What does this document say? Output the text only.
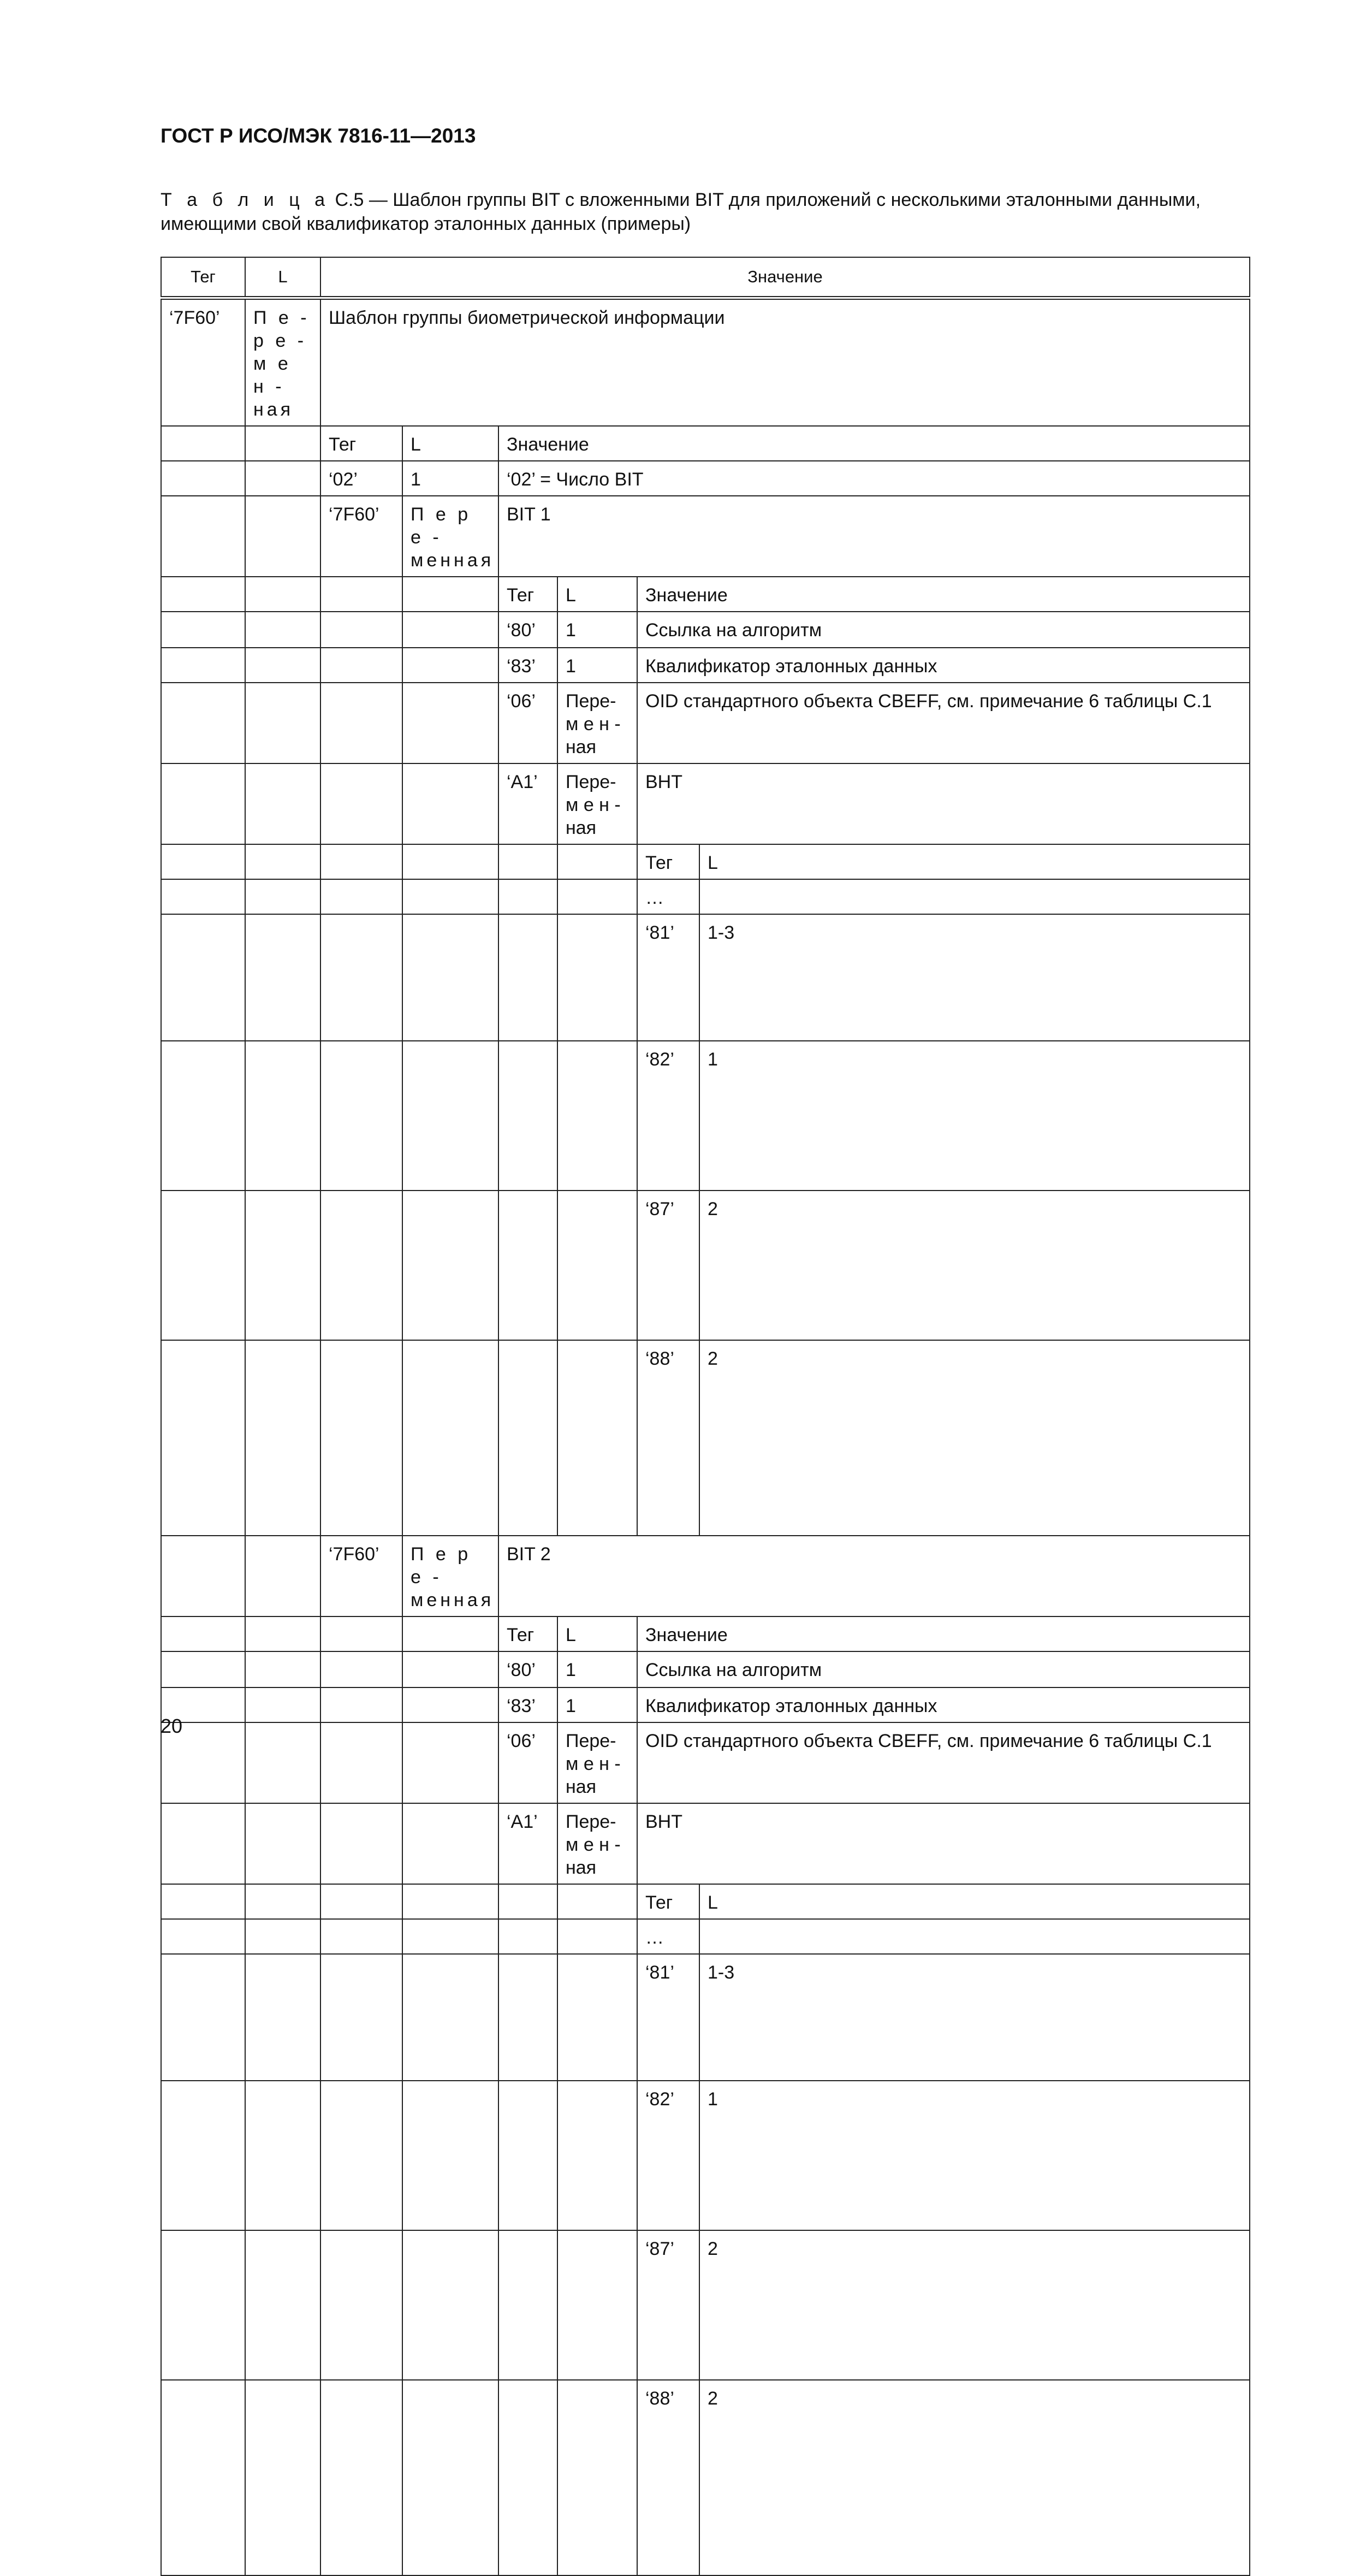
ГОСТ Р ИСО/МЭК 7816-11—2013
Т а б л и ц а С.5 — Шаблон группы BIT с вложенными BIT для приложений с несколькими эталонными данными, имеющими свой квалификатор эталонных данных (примеры)
Тег	L	Значение						
‘7F60’	П е - р е - м е н - ная	Шаблон группы биометрической информации						
		Тег	L	Значение				
		‘02’	1	‘02’ = Число BIT				
		‘7F60’	П е р е - менная	BIT 1				
				Тег	L	Значение		
				‘80’	1	Ссылка на алгоритм		
				‘83’	1	Квалификатор эталонных данных		
				‘06’	Пере- м е н - ная	OID стандартного объекта CBEFF, см. примечание 6 таблицы С.1		
				‘А1’	Пере- м е н - ная	BHT		
						Тег	L	
						…		
						‘81’	1-3	
						‘82’	1	
						‘87’	2	
						‘88’	2	
		‘7F60’	П е р е - менная	BIT 2				
				Тег	L	Значение		
				‘80’	1	Ссылка на алгоритм		
				‘83’	1	Квалификатор эталонных данных		
				‘06’	Пере- м е н - ная	OID стандартного объекта CBEFF, см. примечание 6 таблицы С.1		
				‘А1’	Пере- м е н - ная	BHT		
						Тег	L	
						…		
						‘81’	1-3	
						‘82’	1	
						‘87’	2	
						‘88’	2	
20
